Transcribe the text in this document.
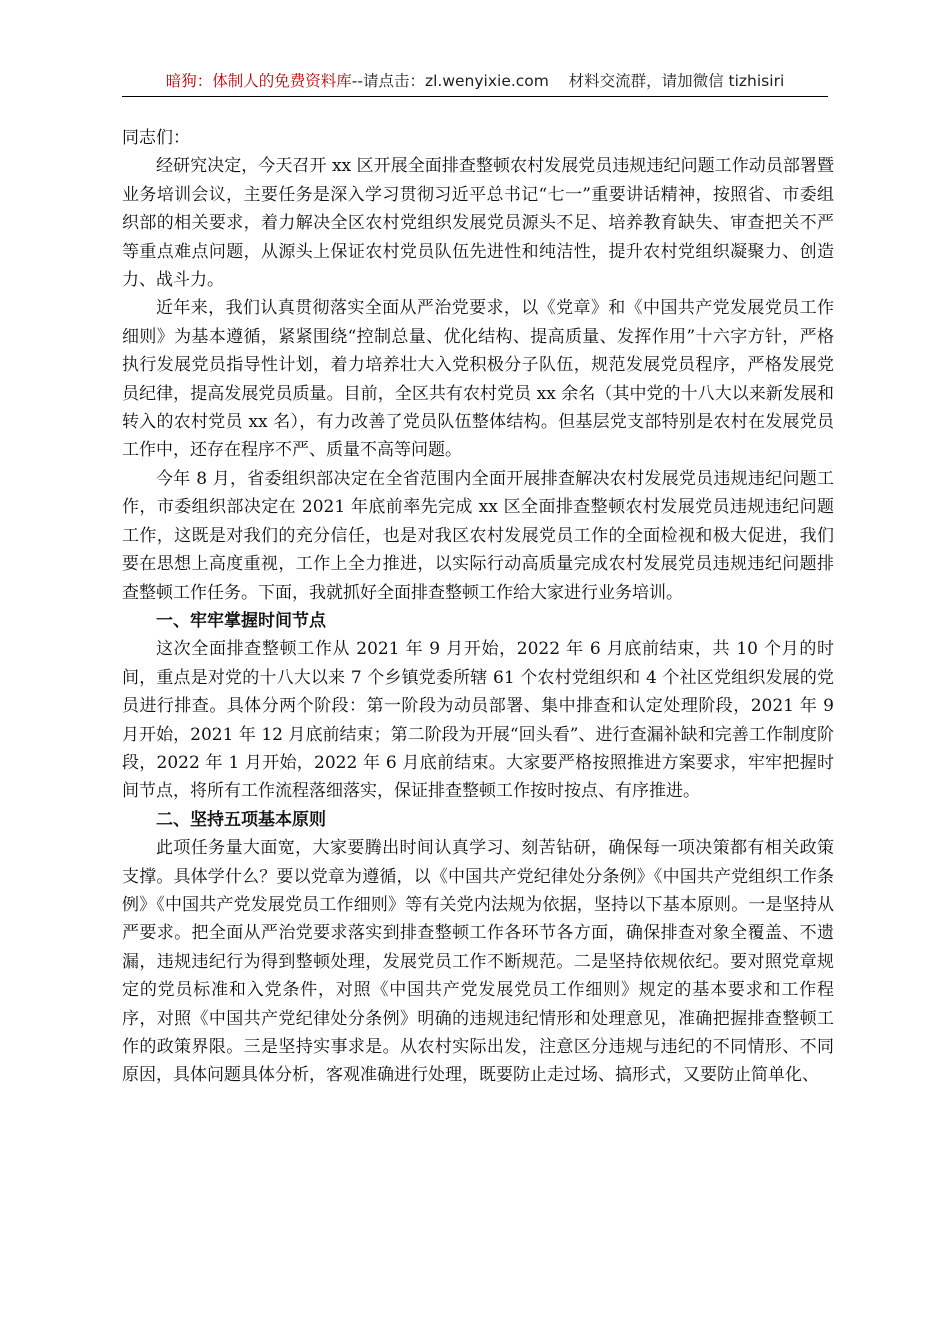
暗狗：体制人的免费资料库--请点击：zl.wenyixie.com 材料交流群，请加微信 tizhisiri

同志们：

经研究决定，今天召开 xx 区开展全面排查整顿农村发展党员违规违纪问题工作动员部署暨业务培训会议，主要任务是深入学习贯彻习近平总书记“七一”重要讲话精神，按照省、市委组织部的相关要求，着力解决全区农村党组织发展党员源头不足、培养教育缺失、审查把关不严等重点难点问题，从源头上保证农村党员队伍先进性和纯洁性，提升农村党组织凝聚力、创造力、战斗力。

近年来，我们认真贯彻落实全面从严治党要求，以《党章》和《中国共产党发展党员工作细则》为基本遵循，紧紧围绕“控制总量、优化结构、提高质量、发挥作用”十六字方针，严格执行发展党员指导性计划，着力培养壮大入党积极分子队伍，规范发展党员程序，严格发展党员纪律，提高发展党员质量。目前，全区共有农村党员 xx 余名（其中党的十八大以来新发展和转入的农村党员 xx 名），有力改善了党员队伍整体结构。但基层党支部特别是农村在发展党员工作中，还存在程序不严、质量不高等问题。

今年 8 月，省委组织部决定在全省范围内全面开展排查解决农村发展党员违规违纪问题工作，市委组织部决定在 2021 年底前率先完成 xx 区全面排查整顿农村发展党员违规违纪问题工作，这既是对我们的充分信任，也是对我区农村发展党员工作的全面检视和极大促进，我们要在思想上高度重视，工作上全力推进，以实际行动高质量完成农村发展党员违规违纪问题排查整顿工作任务。下面，我就抓好全面排查整顿工作给大家进行业务培训。

一、牢牢掌握时间节点

这次全面排查整顿工作从 2021 年 9 月开始，2022 年 6 月底前结束，共 10 个月的时间，重点是对党的十八大以来 7 个乡镇党委所辖 61 个农村党组织和 4 个社区党组织发展的党员进行排查。具体分两个阶段：第一阶段为动员部署、集中排查和认定处理阶段，2021 年 9 月开始，2021 年 12 月底前结束；第二阶段为开展“回头看”、进行查漏补缺和完善工作制度阶段，2022 年 1 月开始，2022 年 6 月底前结束。大家要严格按照推进方案要求，牢牢把握时间节点，将所有工作流程落细落实，保证排查整顿工作按时按点、有序推进。

二、坚持五项基本原则

此项任务量大面宽，大家要腾出时间认真学习、刻苦钻研，确保每一项决策都有相关政策支撑。具体学什么？要以党章为遵循，以《中国共产党纪律处分条例》《中国共产党组织工作条例》《中国共产党发展党员工作细则》等有关党内法规为依据，坚持以下基本原则。一是坚持从严要求。把全面从严治党要求落实到排查整顿工作各环节各方面，确保排查对象全覆盖、不遗漏，违规违纪行为得到整顿处理，发展党员工作不断规范。二是坚持依规依纪。要对照党章规定的党员标准和入党条件，对照《中国共产党发展党员工作细则》规定的基本要求和工作程序，对照《中国共产党纪律处分条例》明确的违规违纪情形和处理意见，准确把握排查整顿工作的政策界限。三是坚持实事求是。从农村实际出发，注意区分违规与违纪的不同情形、不同原因，具体问题具体分析，客观准确进行处理，既要防止走过场、搞形式，又要防止简单化、
